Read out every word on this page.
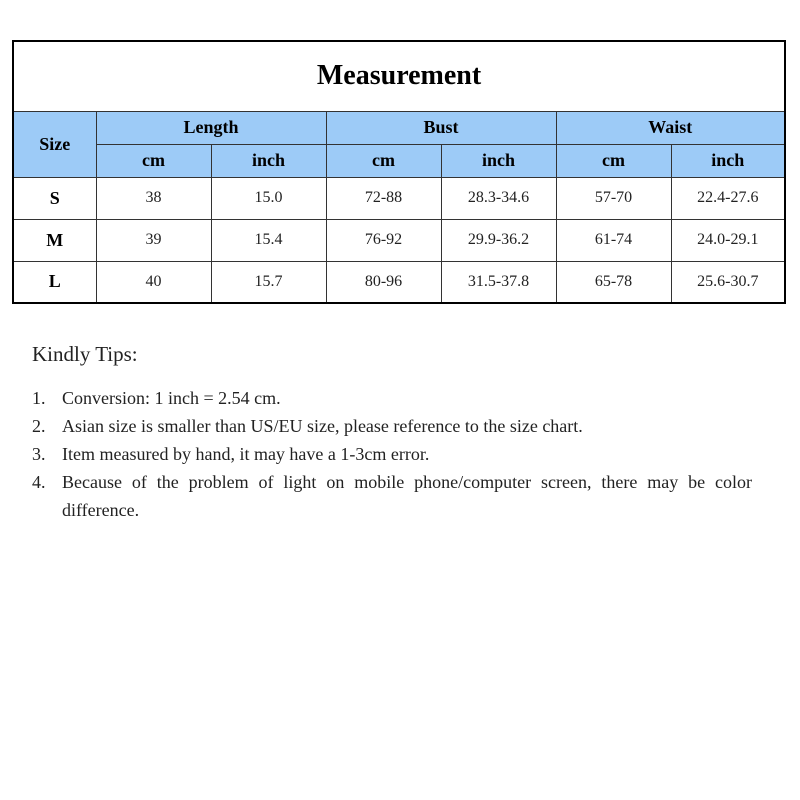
Measurement						
Size	Length		Bust		Waist	
	cm	inch	cm	inch	cm	inch
S	38	15.0	72-88	28.3-34.6	57-70	22.4-27.6
M	39	15.4	76-92	29.9-36.2	61-74	24.0-29.1
L	40	15.7	80-96	31.5-37.8	65-78	25.6-30.7
Kindly Tips:
1. Conversion: 1 inch = 2.54 cm.
2. Asian size is smaller than US/EU size, please reference to the size chart.
3. Item measured by hand, it may have a 1-3cm error.
4. Because of the problem of light on mobile phone/computer screen, there may be color difference.
